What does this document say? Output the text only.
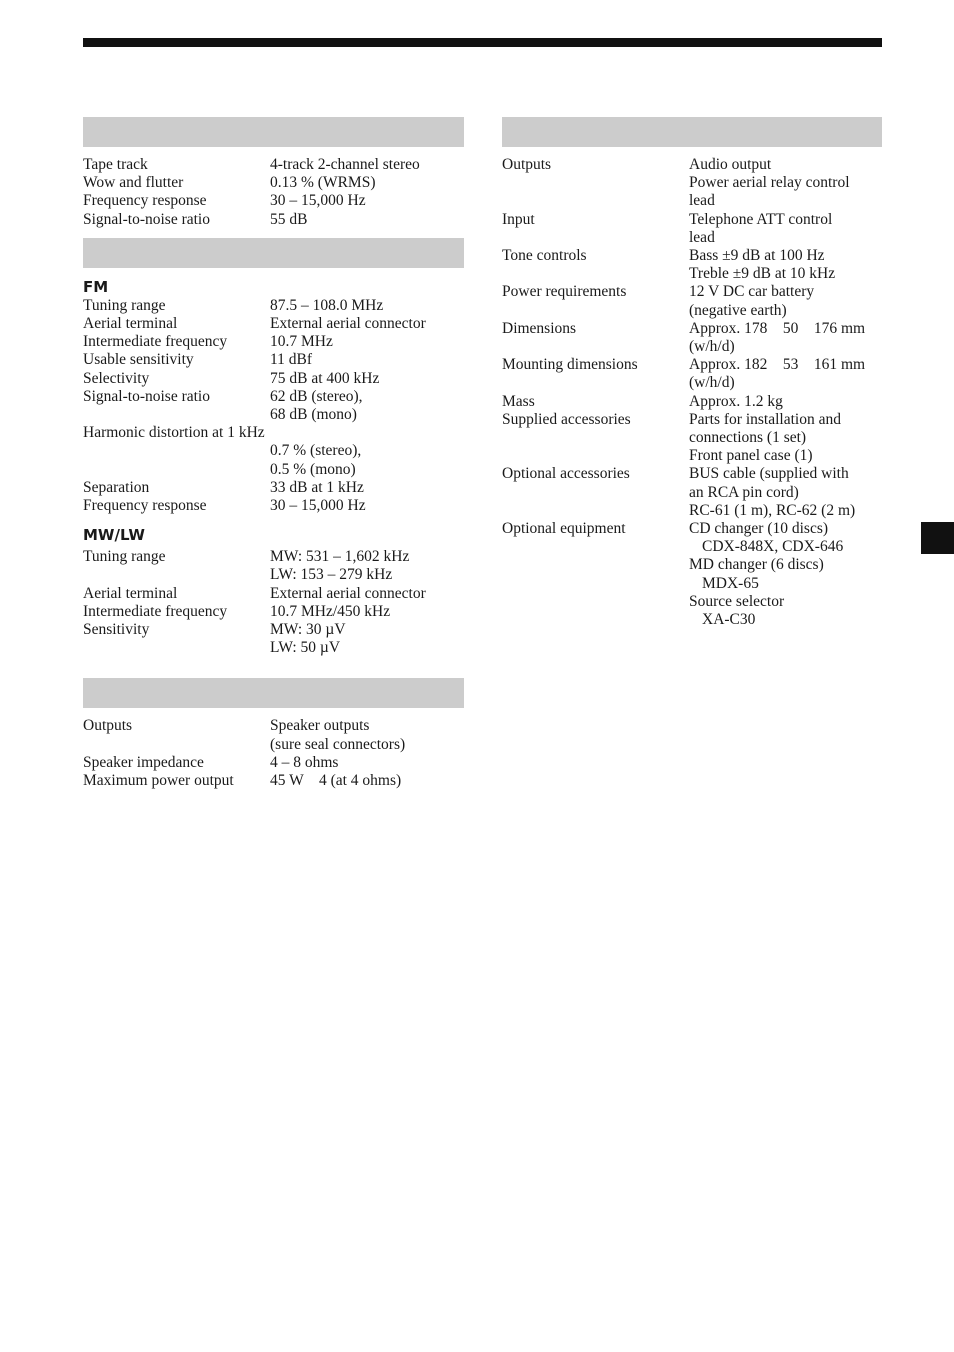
Tape track	4-track 2-channel stereo
Wow and flutter	0.13 % (WRMS)
Frequency response	30 – 15,000 Hz
Signal-to-noise ratio	55 dB
FM
Tuning range	87.5 – 108.0 MHz
Aerial terminal	External aerial connector
Intermediate frequency	10.7 MHz
Usable sensitivity	11 dBf
Selectivity	75 dB at 400 kHz
Signal-to-noise ratio	62 dB (stereo),
68 dB (mono)
Harmonic distortion at 1 kHz
0.7 % (stereo),
0.5 % (mono)
Separation	33 dB at 1 kHz
Frequency response	30 – 15,000 Hz
MW/LW
Tuning range	MW: 531 – 1,602 kHz
LW: 153 – 279 kHz
Aerial terminal	External aerial connector
Intermediate frequency	10.7 MHz/450 kHz
Sensitivity	MW: 30 µV
LW: 50 µV
Outputs	Speaker outputs
(sure seal connectors)
Speaker impedance	4 – 8 ohms
Maximum power output	45 W    4 (at 4 ohms)
Outputs	Audio output
Power aerial relay control
lead
Input	Telephone ATT control
lead
Tone controls	Bass ±9 dB at 100 Hz
Treble ±9 dB at 10 kHz
Power requirements	12 V DC car battery
(negative earth)
Dimensions	Approx. 178    50    176 mm
(w/h/d)
Mounting dimensions	Approx. 182    53    161 mm
(w/h/d)
Mass	Approx. 1.2 kg
Supplied accessories	Parts for installation and
connections (1 set)
Front panel case (1)
Optional accessories	BUS cable (supplied with
an RCA pin cord)
RC-61 (1 m), RC-62 (2 m)
Optional equipment	CD changer (10 discs)
CDX-848X, CDX-646
MD changer (6 discs)
MDX-65
Source selector
XA-C30
